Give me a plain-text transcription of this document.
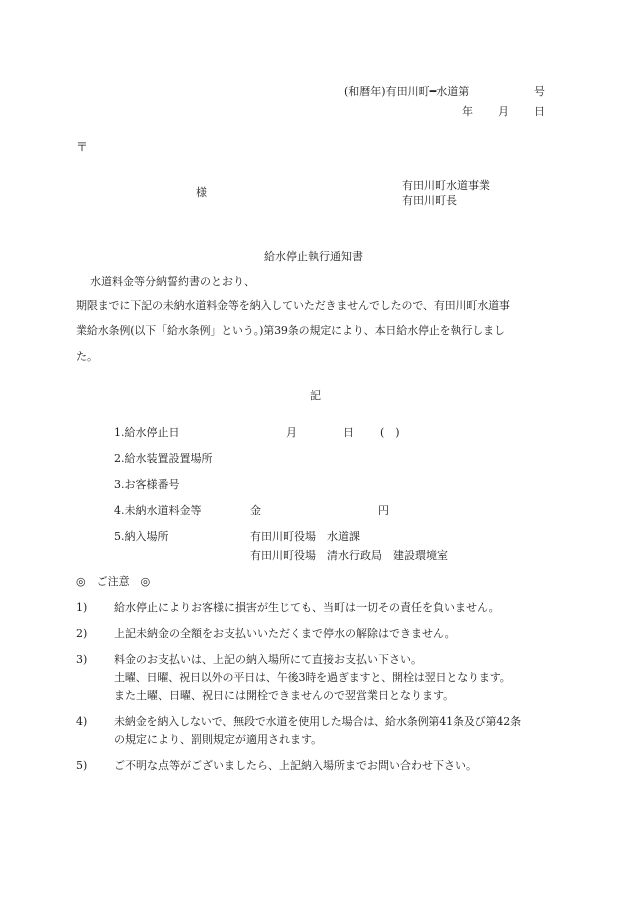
(和暦年)有田川町━水道第	号
年 月 日
〒
様
有田川町水道事業
有田川町長
給水停止執行通知書
水道料金等分納誓約書のとおり、
期限までに下記の未納水道料金等を納入していただきませんでしたので、有田川町水道事
業給水条例(以下「給水条例」という。)第39条の規定により、本日給水停止を執行しまし
た。
記
1.給水停止日	月	日 (　)
2.給水装置設置場所
3.お客様番号
4.未納水道料金等	金	円
5.納入場所	有田川町役場　水道課
有田川町役場　清水行政局　建設環境室
◎　ご注意　◎
1) 給水停止によりお客様に損害が生じても、当町は一切その責任を負いません。
2) 上記未納金の全額をお支払いいただくまで停水の解除はできません。
3) 料金のお支払いは、上記の納入場所にて直接お支払い下さい。
土曜、日曜、祝日以外の平日は、午後3時を過ぎますと、開栓は翌日となります。
また土曜、日曜、祝日には開栓できませんので翌営業日となります。
4) 未納金を納入しないで、無段で水道を使用した場合は、給水条例第41条及び第42条
の規定により、罰則規定が適用されます。
5) ご不明な点等がございましたら、上記納入場所までお問い合わせ下さい。
